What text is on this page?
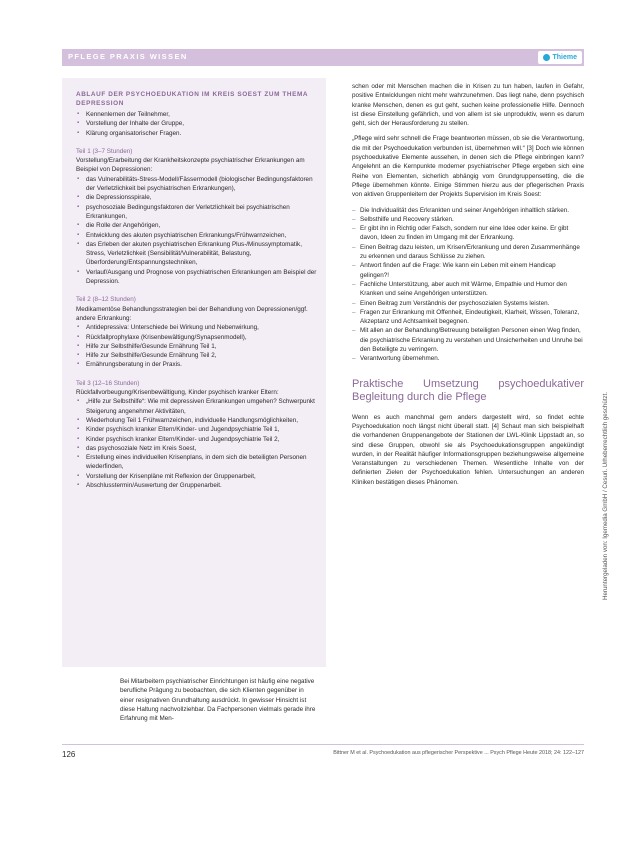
PFLEGE PRAXIS WISSEN	Thieme
ABLAUF DER PSYCHOEDUKATION IM KREIS SOEST ZUM THEMA DEPRESSION
▪ Kennenlernen der Teilnehmer,
▪ Vorstellung der Inhalte der Gruppe,
▪ Klärung organisatorischer Fragen.
Teil 1 (3–7 Stunden)
Vorstellung/Erarbeitung der Krankheitskonzepte psychiatrischer Erkrankungen am Beispiel von Depressionen:
▪ das Vulnerabilitäts-Stress-Modell/Fässermodell (biologischer Bedingungsfaktoren der Verletzlichkeit bei psychiatrischen Erkrankungen),
▪ die Depressionsspirale,
▪ psychosoziale Bedingungsfaktoren der Verletzlichkeit bei psychiatrischen Erkrankungen,
▪ die Rolle der Angehörigen,
▪ Entwicklung des akuten psychiatrischen Erkrankungs/Frühwarnzeichen,
▪ das Erleben der akuten psychiatrischen Erkrankung Plus-/Minussymptomatik, Stress, Verletzlichkeit (Sensibilität/Vulnerabilität, Belastung, Überforderung/Entspannungstechniken,
▪ Verlauf/Ausgang und Prognose von psychiatrischen Erkrankungen am Beispiel der Depression.
Teil 2 (8–12 Stunden)
Medikamentöse Behandlungsstrategien bei der Behandlung von Depressionen/ggf. andere Erkrankung:
▪ Antidepressiva: Unterschiede bei Wirkung und Nebenwirkung,
▪ Rückfallprophylaxe (Krisenbewältigung/Synapsenmodell),
▪ Hilfe zur Selbsthilfe/Gesunde Ernährung Teil 1,
▪ Hilfe zur Selbsthilfe/Gesunde Ernährung Teil 2,
▪ Ernährungsberatung in der Praxis.
Teil 3 (12–16 Stunden)
Rückfallvorbeugung/Krisenbewältigung, Kinder psychisch kranker Eltern:
▪ „Hilfe zur Selbsthilfe“: Wie mit depressiven Erkrankungen umgehen? Schwerpunkt Steigerung angenehmer Aktivitäten,
▪ Wiederholung Teil 1 Frühwarnzeichen, individuelle Handlungsmöglichkeiten,
▪ Kinder psychisch kranker Eltern/Kinder- und Jugendpsychiatrie Teil 1,
▪ Kinder psychisch kranker Eltern/Kinder- und Jugendpsychiatrie Teil 2,
▪ das psychosoziale Netz im Kreis Soest,
▪ Erstellung eines individuellen Krisenplans, in dem sich die beteiligten Personen wiederfinden,
▪ Vorstellung der Krisenpläne mit Reflexion der Gruppenarbeit,
▪ Abschlusstermin/Auswertung der Gruppenarbeit.
Bei Mitarbeitern psychiatrischer Einrichtungen ist häufig eine negative berufliche Prägung zu beobachten, die sich Klienten gegenüber in einer resignativen Grundhaltung ausdrückt. In gewisser Hinsicht ist diese Haltung nachvollziehbar. Da Fachpersonen vielmals gerade ihre Erfahrung mit Men-

schen oder mit Menschen machen die in Krisen zu tun haben, laufen in Gefahr, positive Entwicklungen nicht mehr wahrzunehmen. Das liegt nahe, denn psychisch kranke Menschen, denen es gut geht, suchen keine professionelle Hilfe. Dennoch ist diese Einstellung gefährlich, und von allem ist sie unproduktiv, wenn es darum geht, sich der Herausforderung zu stellen.

„Pflege wird sehr schnell die Frage beantworten müssen, ob sie die Verantwortung, die mit der Psychoedukation verbunden ist, übernehmen will.“ [3] Doch wie können psychoedukative Elemente aussehen, in denen sich die Pflege einbringen kann? Angelehnt an die Kernpunkte moderner psychiatrischer Pflege ergeben sich eine Reihe von Elementen, sicherlich abhängig vom Grundgruppensetting, die die Pflege übernehmen könnte. Einige Stimmen hierzu aus der pflegerischen Praxis von aktiven Gruppenleitern der Projekts Supervision im Kreis Soest:

– Die Individualität des Erkrankten und seiner Angehörigen inhaltlich stärken.
– Selbsthilfe und Recovery stärken.
– Er gibt ihn in Richtig oder Falsch, sondern nur eine Idee oder keine. Er gibt davon, Ideen zu finden im Umgang mit der Erkrankung.
– Einen Beitrag dazu leisten, um Krisen/Erkrankung und deren Zusammenhänge zu erkennen und daraus Schlüsse zu ziehen.
– Antwort finden auf die Frage: Wie kann ein Leben mit einem Handicap gelingen?!
– Fachliche Unterstützung, aber auch mit Wärme, Empathie und Humor den Kranken und seine Angehörigen unterstützen.
– Einen Beitrag zum Verständnis der psychosozialen Systems leisten.
– Fragen zur Erkrankung mit Offenheit, Eindeutigkeit, Klarheit, Wissen, Toleranz, Akzeptanz und Achtsamkeit begegnen.
– Mit allen an der Behandlung/Betreuung beteiligten Personen einen Weg finden, die psychiatrische Erkrankung zu verstehen und Unsicherheiten und Unruhe bei den Beteiligte zu verringern.
– Verantwortung übernehmen.
Praktische Umsetzung psychoedukativer Begleitung durch die Pflege

Wenn es auch manchmal gern anders dargestellt wird, so findet echte Psychoedukation noch längst nicht überall statt. [4] Schaut man sich beispielhaft die vorhandenen Gruppenangebote der Stationen der LWL-Klinik Lippstadt an, so sind diese Gruppen, obwohl sie als Psychoedukationsgruppen angekündigt wurden, in der Realität häufiger Informationsgruppen beziehungsweise allgemeine Veranstaltungen zu verschiedenen Themen. Wesentliche Inhalte von der definierten Zielen der Psychoedukation fehlen. Untersuchungen an anderen Kliniken bestätigen dieses Phänomen.	Heruntergeladen von: Igemedia GmbH / Cesuri. Urheberrechtlich geschützt.
126	Bittner M et al. Psychoedukation aus pflegerischer Perspektive ... Psych Pflege Heute 2018; 24: 122–127
